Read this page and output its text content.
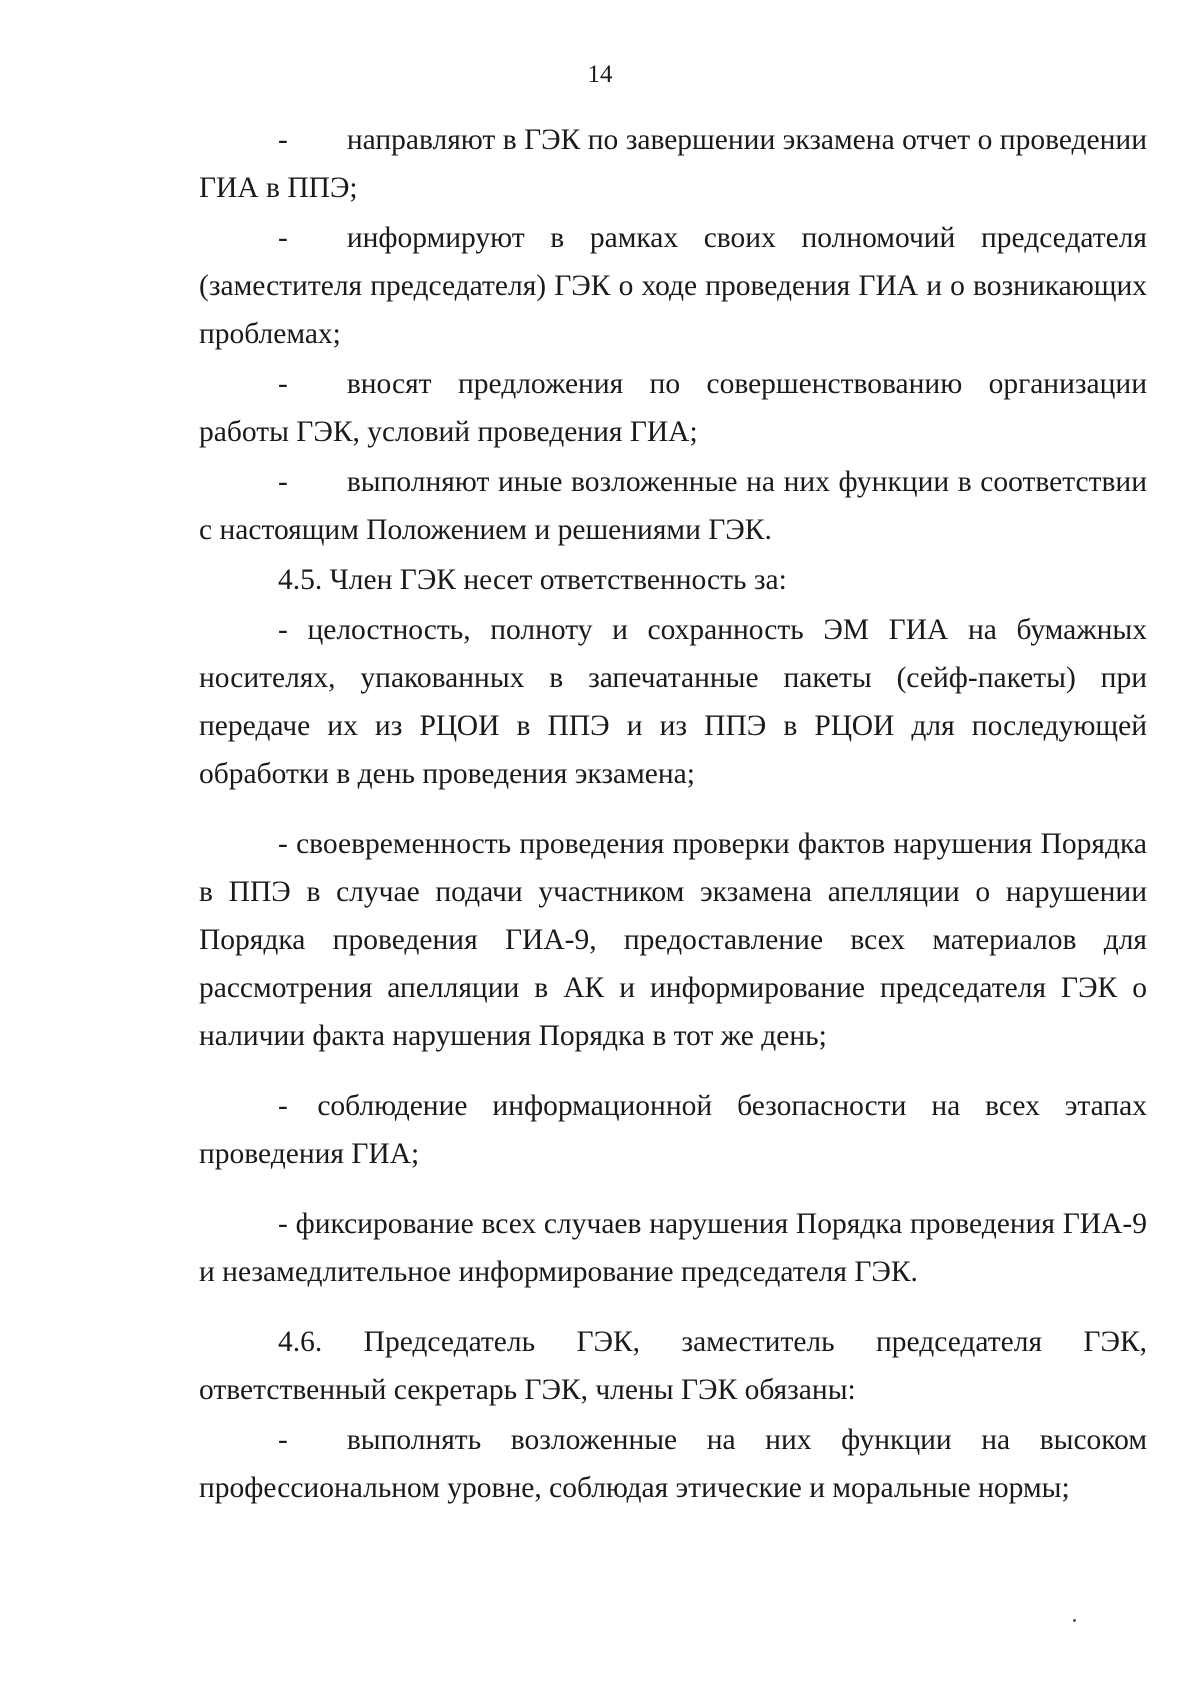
14

-  направляют в ГЭК по завершении экзамена отчет о проведении ГИА в ППЭ;

-  информируют в рамках своих полномочий председателя (заместителя председателя) ГЭК о ходе проведения ГИА и о возникающих проблемах;

-  вносят предложения по совершенствованию организации работы ГЭК, условий проведения ГИА;

-  выполняют иные возложенные на них функции в соответствии с настоящим Положением и решениями ГЭК.

4.5. Член ГЭК несет ответственность за:

- целостность, полноту и сохранность ЭМ ГИА на бумажных носителях, упакованных в запечатанные пакеты (сейф-пакеты) при передаче их из РЦОИ в ППЭ и из ППЭ в РЦОИ для последующей обработки в день проведения экзамена;

- своевременность проведения проверки фактов нарушения Порядка в ППЭ в случае подачи участником экзамена апелляции о нарушении Порядка проведения ГИА-9, предоставление всех материалов для рассмотрения апелляции в АК и информирование председателя ГЭК о наличии факта нарушения Порядка в тот же день;

- соблюдение информационной безопасности на всех этапах проведения ГИА;

- фиксирование всех случаев нарушения Порядка проведения ГИА-9 и незамедлительное информирование председателя ГЭК.

4.6. Председатель ГЭК, заместитель председателя ГЭК, ответственный секретарь ГЭК, члены ГЭК обязаны:

-  выполнять возложенные на них функции на высоком профессиональном уровне, соблюдая этические и моральные нормы;
